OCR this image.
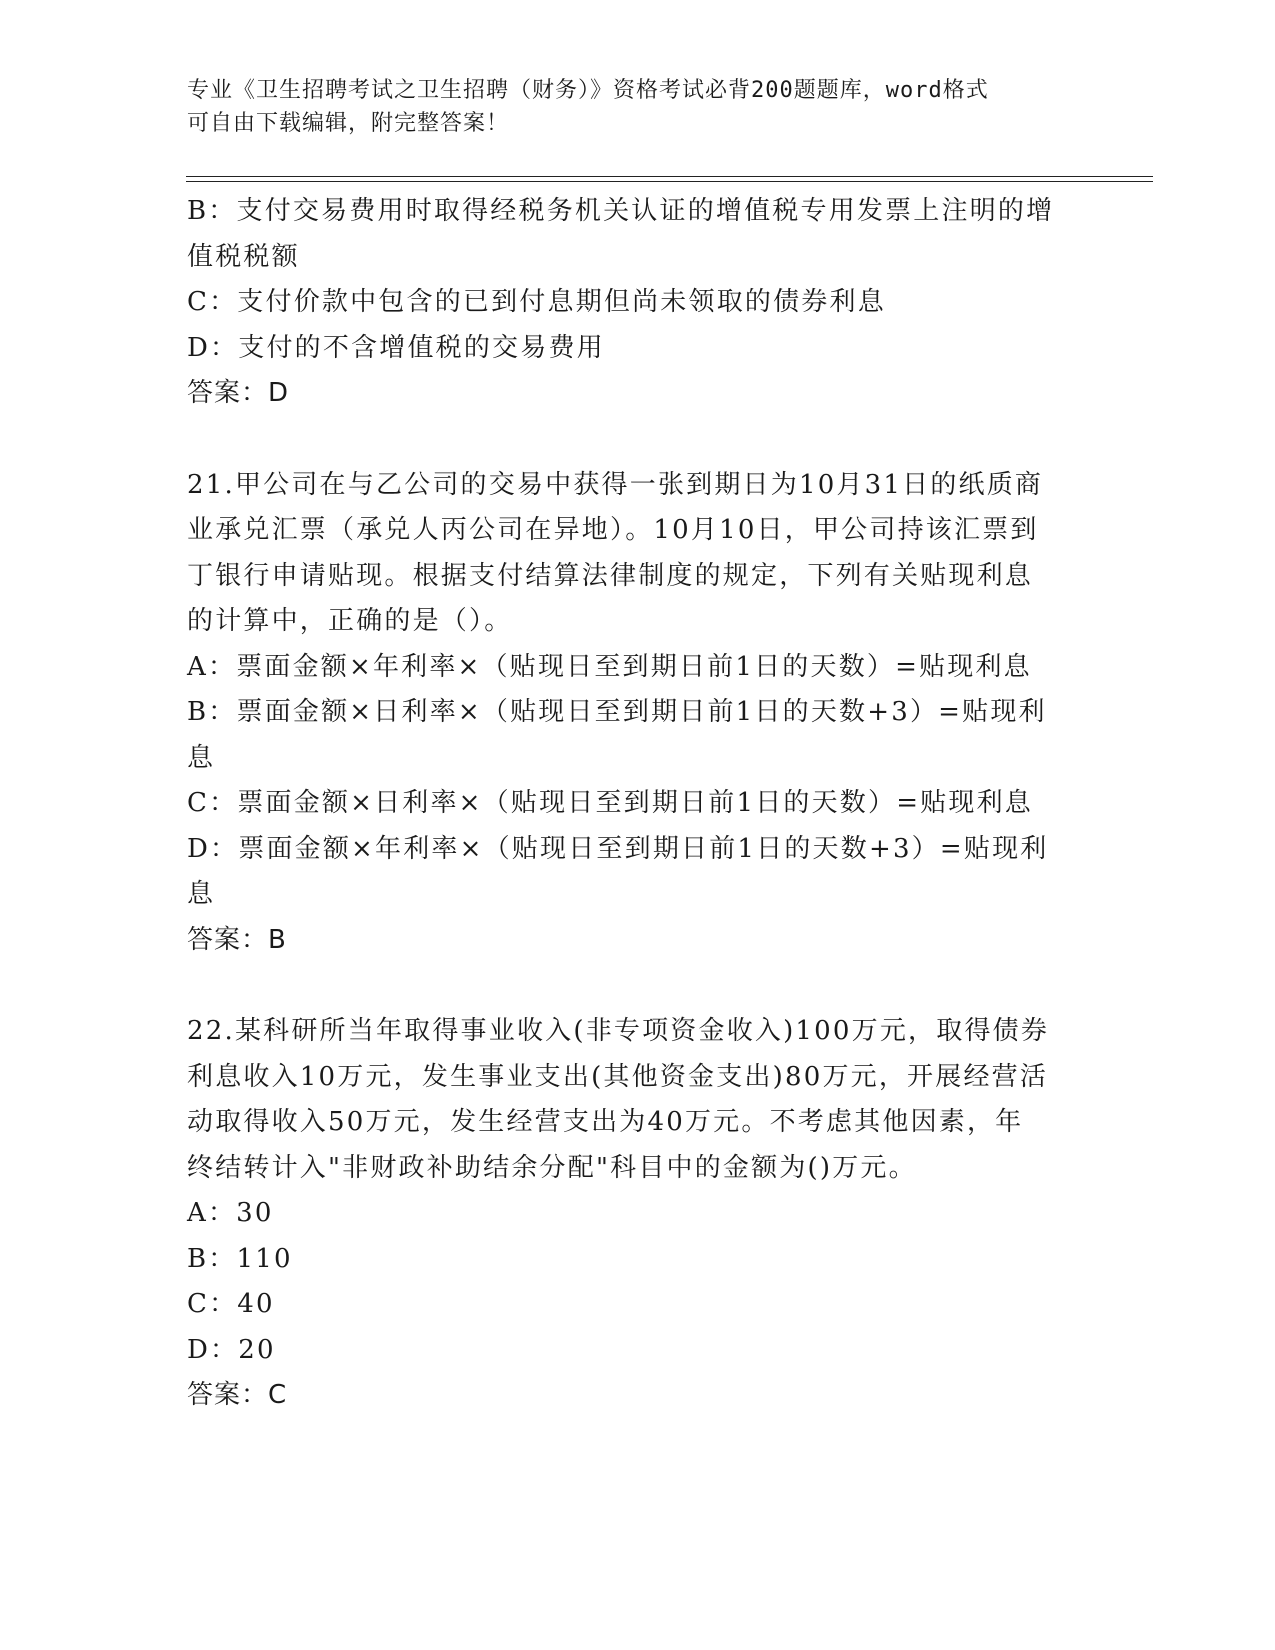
专业《卫生招聘考试之卫生招聘（财务）》资格考试必背200题题库，word格式

可自由下载编辑，附完整答案！

B：支付交易费用时取得经税务机关认证的增值税专用发票上注明的增

值税税额

C：支付价款中包含的已到付息期但尚未领取的债券利息

D：支付的不含增值税的交易费用

答案：D

21.甲公司在与乙公司的交易中获得一张到期日为10月31日的纸质商

业承兑汇票（承兑人丙公司在异地）。10月10日，甲公司持该汇票到

丁银行申请贴现。根据支付结算法律制度的规定，下列有关贴现利息

的计算中，正确的是（）。

A：票面金额×年利率×（贴现日至到期日前1日的天数）=贴现利息

B：票面金额×日利率×（贴现日至到期日前1日的天数+3）=贴现利

息

C：票面金额×日利率×（贴现日至到期日前1日的天数）=贴现利息

D：票面金额×年利率×（贴现日至到期日前1日的天数+3）=贴现利

息

答案：B

22.某科研所当年取得事业收入(非专项资金收入)100万元，取得债券

利息收入10万元，发生事业支出(其他资金支出)80万元，开展经营活

动取得收入50万元，发生经营支出为40万元。不考虑其他因素，年

终结转计入"非财政补助结余分配"科目中的金额为()万元。

A：30

B：110

C：40

D：20

答案：C
